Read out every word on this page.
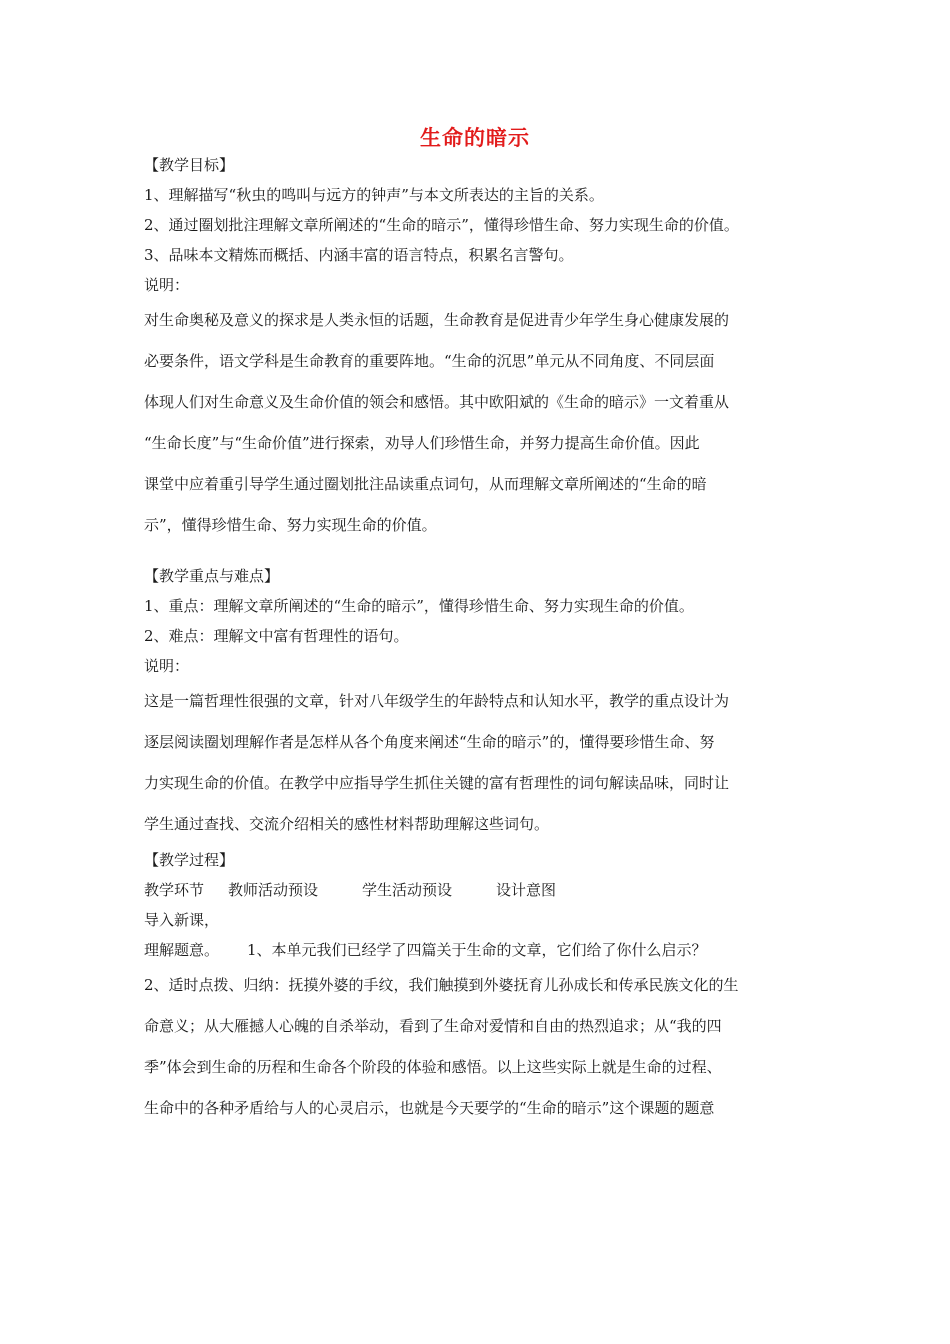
生命的暗示
【教学目标】
1、理解描写“秋虫的鸣叫与远方的钟声”与本文所表达的主旨的关系。
2、通过圈划批注理解文章所阐述的“生命的暗示”，懂得珍惜生命、努力实现生命的价值。
3、品味本文精炼而概括、内涵丰富的语言特点，积累名言警句。
说明：
对生命奥秘及意义的探求是人类永恒的话题，生命教育是促进青少年学生身心健康发展的
必要条件，语文学科是生命教育的重要阵地。“生命的沉思”单元从不同角度、不同层面
体现人们对生命意义及生命价值的领会和感悟。其中欧阳斌的《生命的暗示》一文着重从
“生命长度”与“生命价值”进行探索，劝导人们珍惜生命，并努力提高生命价值。因此
课堂中应着重引导学生通过圈划批注品读重点词句，从而理解文章所阐述的“生命的暗
示”，懂得珍惜生命、努力实现生命的价值。
【教学重点与难点】
1、重点：理解文章所阐述的“生命的暗示”，懂得珍惜生命、努力实现生命的价值。
2、难点：理解文中富有哲理性的语句。
说明：
这是一篇哲理性很强的文章，针对八年级学生的年龄特点和认知水平，教学的重点设计为
逐层阅读圈划理解作者是怎样从各个角度来阐述“生命的暗示”的，懂得要珍惜生命、努
力实现生命的价值。在教学中应指导学生抓住关键的富有哲理性的词句解读品味，同时让
学生通过查找、交流介绍相关的感性材料帮助理解这些词句。
【教学过程】
教学环节	教师活动预设	学生活动预设	设计意图
导入新课，
理解题意。 1、本单元我们已经学了四篇关于生命的文章，它们给了你什么启示？
2、适时点拨、归纳：抚摸外婆的手纹，我们触摸到外婆抚育儿孙成长和传承民族文化的生
命意义；从大雁撼人心魄的自杀举动，看到了生命对爱情和自由的热烈追求；从“我的四
季”体会到生命的历程和生命各个阶段的体验和感悟。以上这些实际上就是生命的过程、
生命中的各种矛盾给与人的心灵启示，也就是今天要学的“生命的暗示”这个课题的题意
